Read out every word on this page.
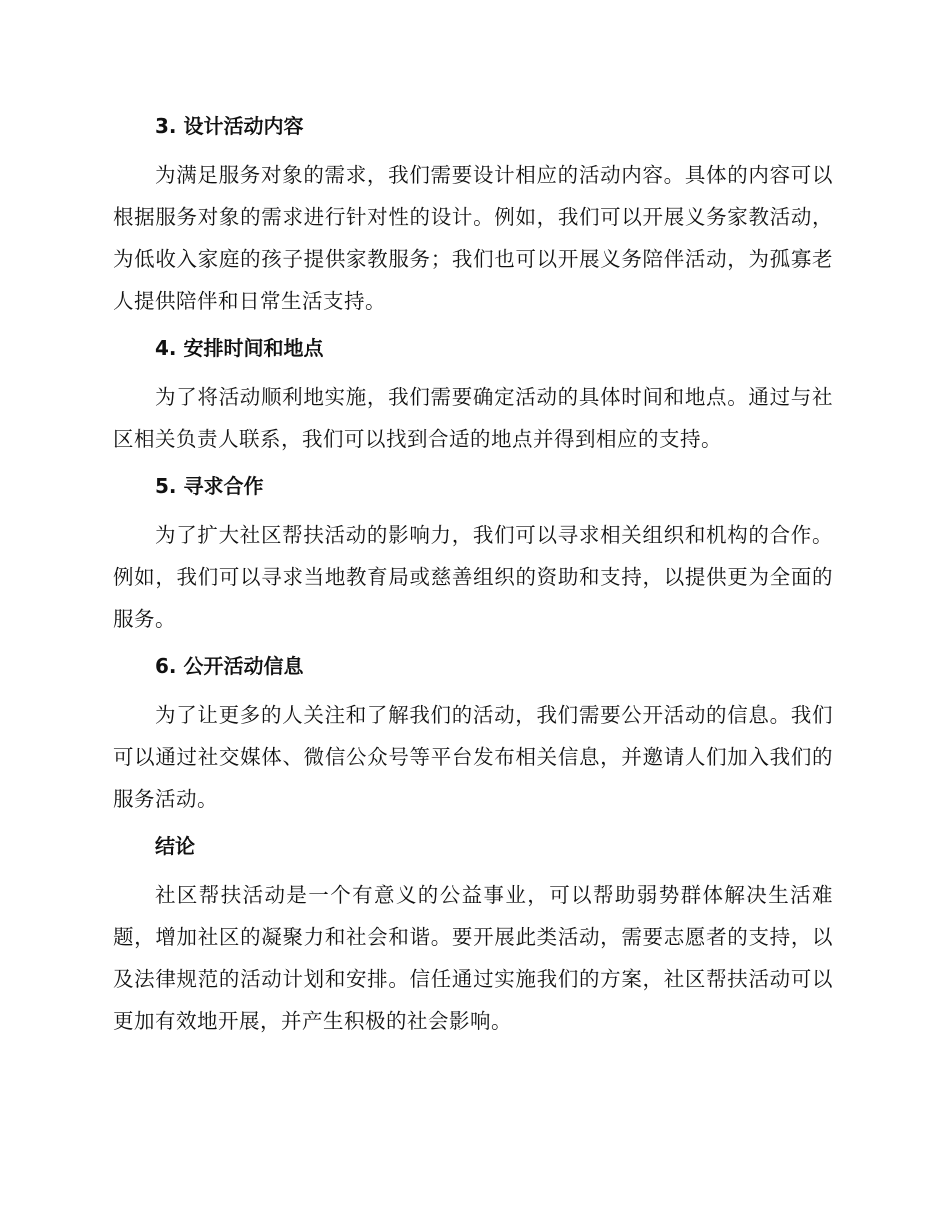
3. 设计活动内容

为满足服务对象的需求，我们需要设计相应的活动内容。具体的内容可以根据服务对象的需求进行针对性的设计。例如，我们可以开展义务家教活动，为低收入家庭的孩子提供家教服务；我们也可以开展义务陪伴活动，为孤寡老人提供陪伴和日常生活支持。

4. 安排时间和地点

为了将活动顺利地实施，我们需要确定活动的具体时间和地点。通过与社区相关负责人联系，我们可以找到合适的地点并得到相应的支持。

5. 寻求合作

为了扩大社区帮扶活动的影响力，我们可以寻求相关组织和机构的合作。例如，我们可以寻求当地教育局或慈善组织的资助和支持，以提供更为全面的服务。

6. 公开活动信息

为了让更多的人关注和了解我们的活动，我们需要公开活动的信息。我们可以通过社交媒体、微信公众号等平台发布相关信息，并邀请人们加入我们的服务活动。

结论

社区帮扶活动是一个有意义的公益事业，可以帮助弱势群体解决生活难题，增加社区的凝聚力和社会和谐。要开展此类活动，需要志愿者的支持，以及法律规范的活动计划和安排。信任通过实施我们的方案，社区帮扶活动可以更加有效地开展，并产生积极的社会影响。
